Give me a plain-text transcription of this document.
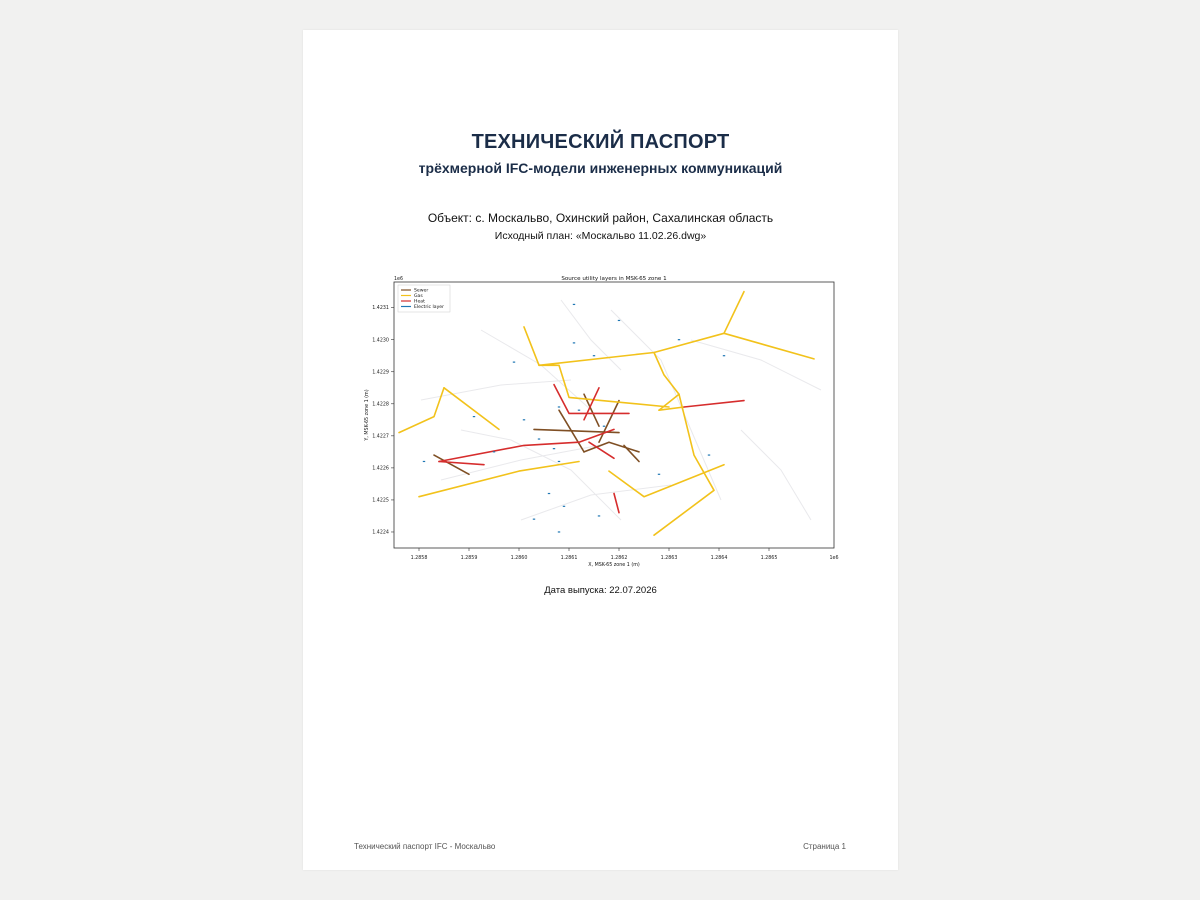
ТЕХНИЧЕСКИЙ ПАСПОРТ
трёхмерной IFC-модели инженерных коммуникаций
Объект: с. Москальво, Охинский район, Сахалинская область
Исходный план: «Москальво 11.02.26.dwg»
1.2858	1.2859	1.2860	1.2861	1.2862	1.2863	1.2864	1.2865
1.4224
1.4225
1.4226
1.4227
1.4228
1.4229
1.4230
1.4231
1e6
1e6
Source utility layers in MSK-65 zone 1
X, MSK-65 zone 1 (m)
Y, MSK-65 zone 1 (m)
Sewer
Gas
Heat
Electric layer
Дата выпуска: 22.07.2026
Технический паспорт IFC - Москальво	Страница 1
